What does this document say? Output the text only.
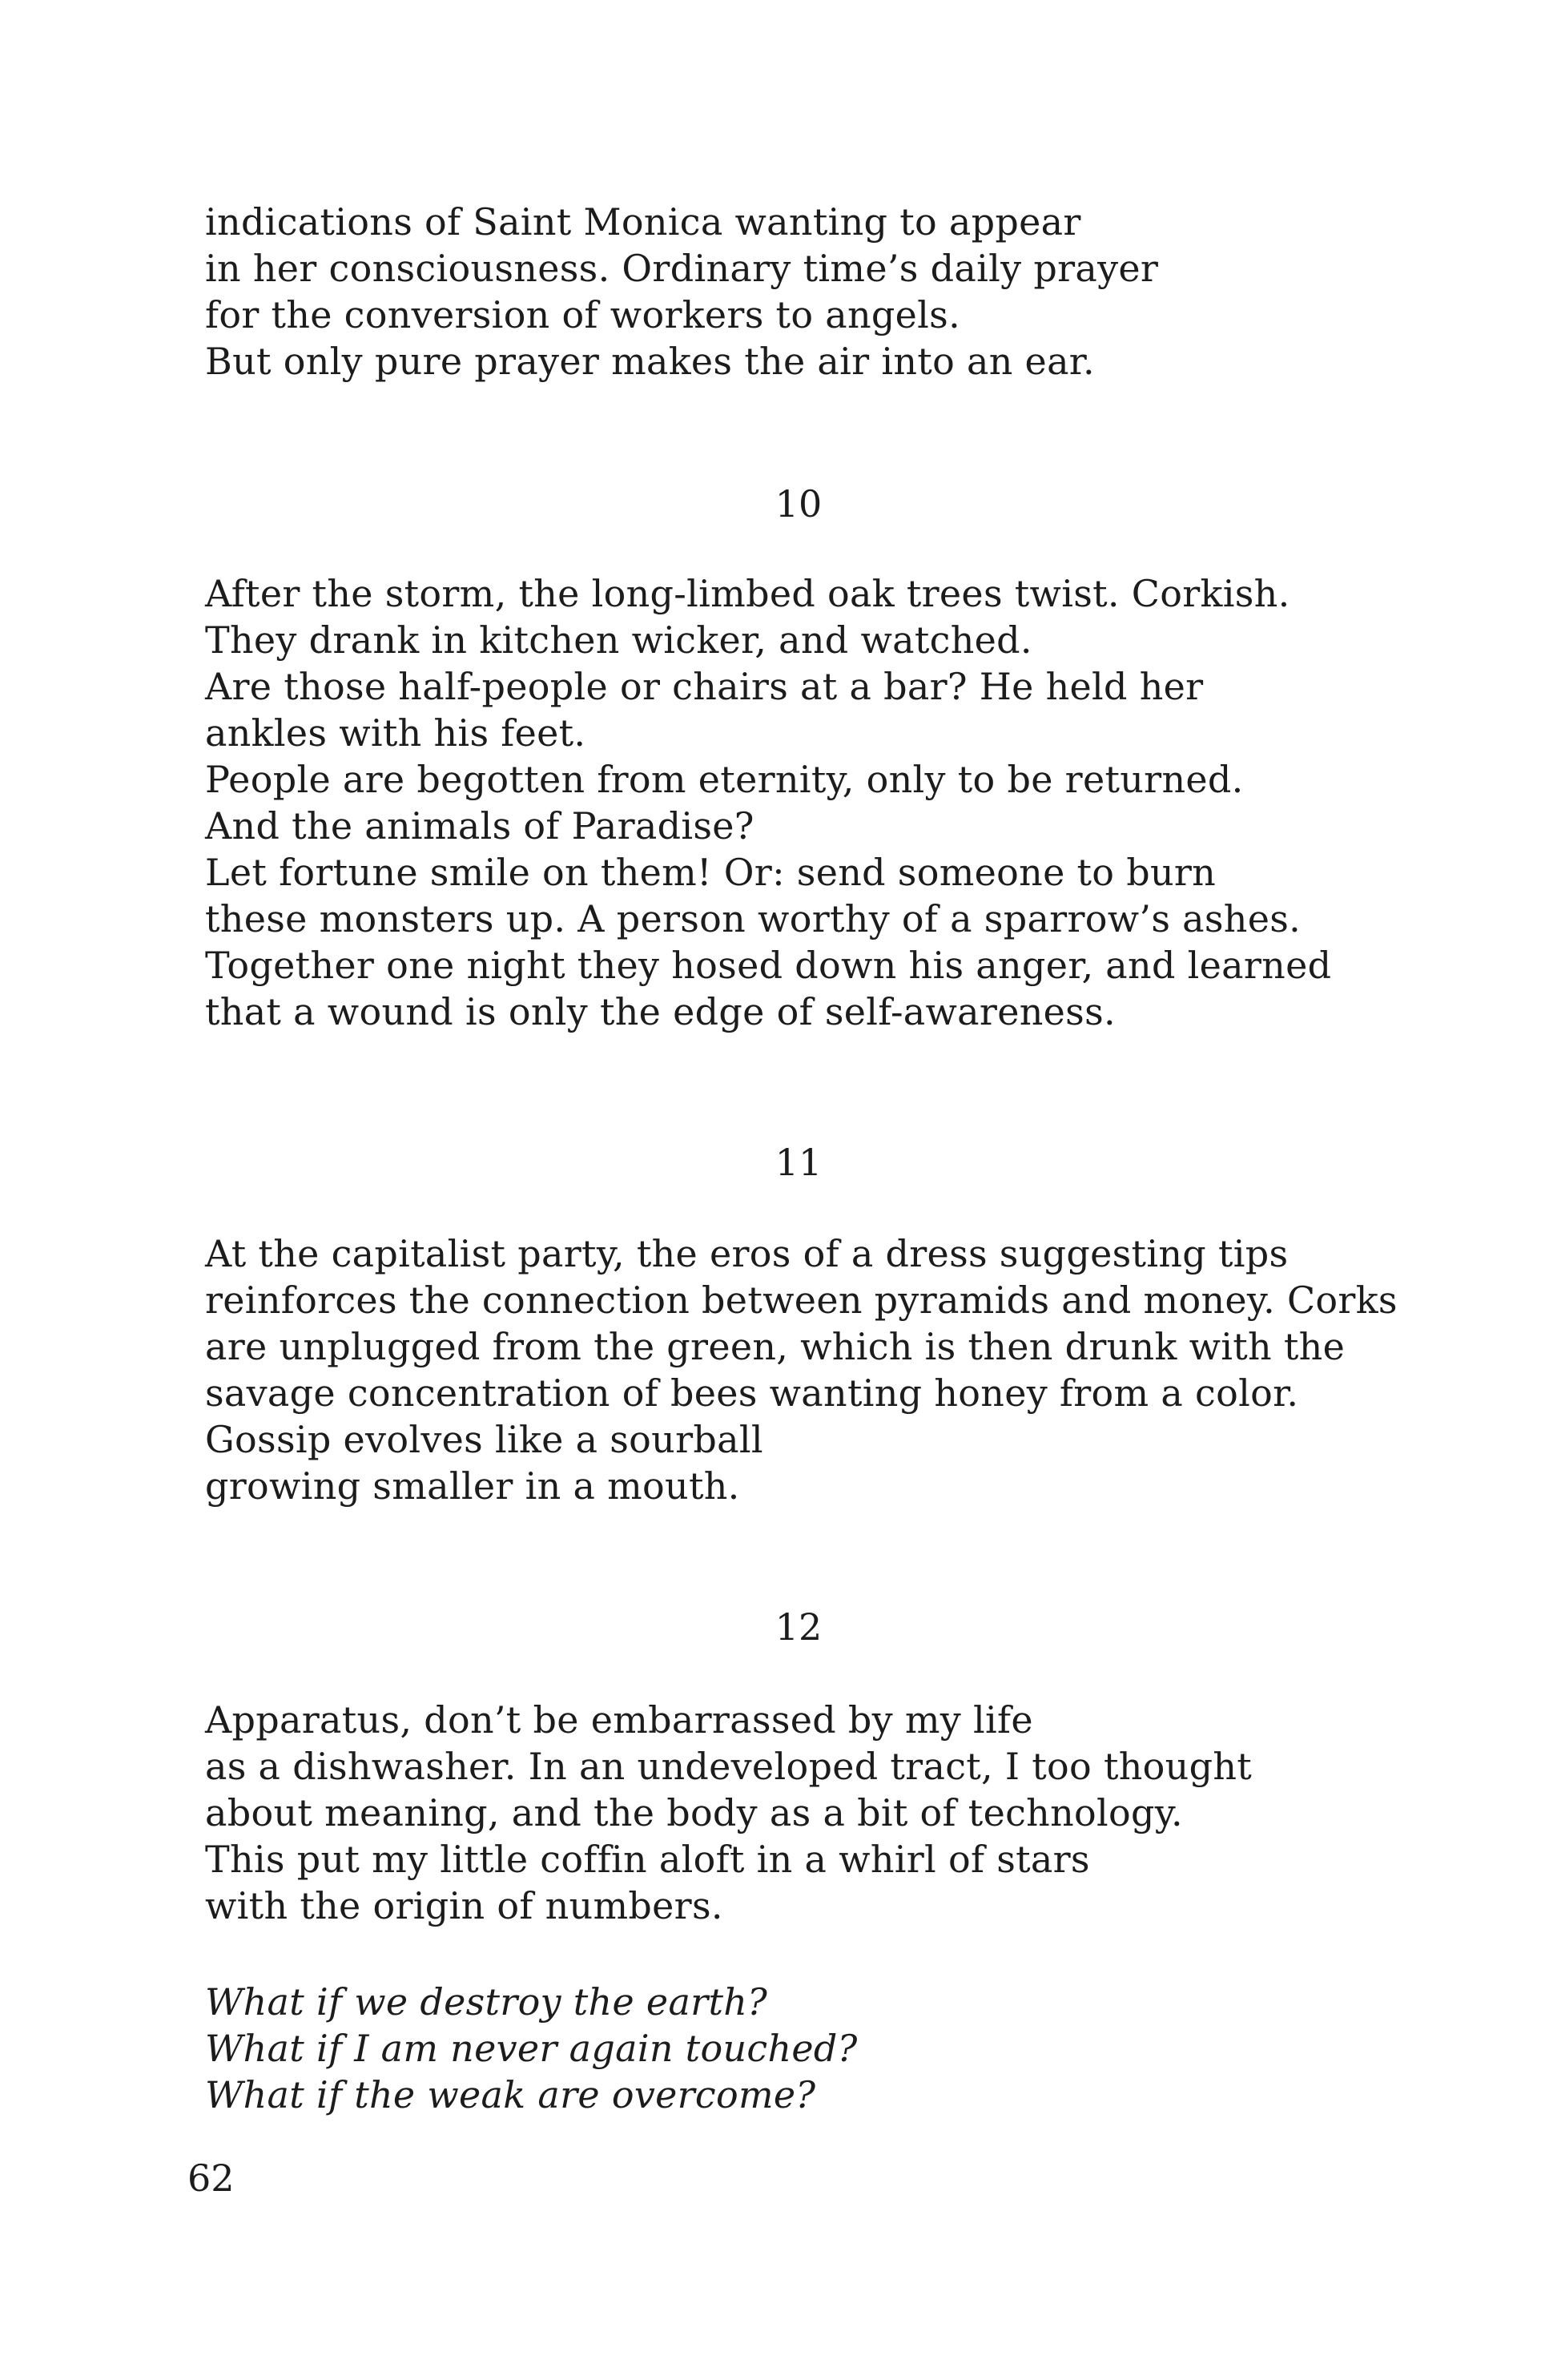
indications of Saint Monica wanting to appear
in her consciousness. Ordinary time’s daily prayer
for the conversion of workers to angels.
But only pure prayer makes the air into an ear.
10
After the storm, the long-limbed oak trees twist. Corkish.
They drank in kitchen wicker, and watched.
Are those half-people or chairs at a bar? He held her
ankles with his feet.
People are begotten from eternity, only to be returned.
And the animals of Paradise?
Let fortune smile on them! Or: send someone to burn
these monsters up. A person worthy of a sparrow’s ashes.
Together one night they hosed down his anger, and learned
that a wound is only the edge of self-awareness.
11
At the capitalist party, the eros of a dress suggesting tips
reinforces the connection between pyramids and money. Corks
are unplugged from the green, which is then drunk with the
savage concentration of bees wanting honey from a color.
Gossip evolves like a sourball
growing smaller in a mouth.
12
Apparatus, don’t be embarrassed by my life
as a dishwasher. In an undeveloped tract, I too thought
about meaning, and the body as a bit of technology.
This put my little coffin aloft in a whirl of stars
with the origin of numbers.
What if we destroy the earth?
What if I am never again touched?
What if the weak are overcome?
62
